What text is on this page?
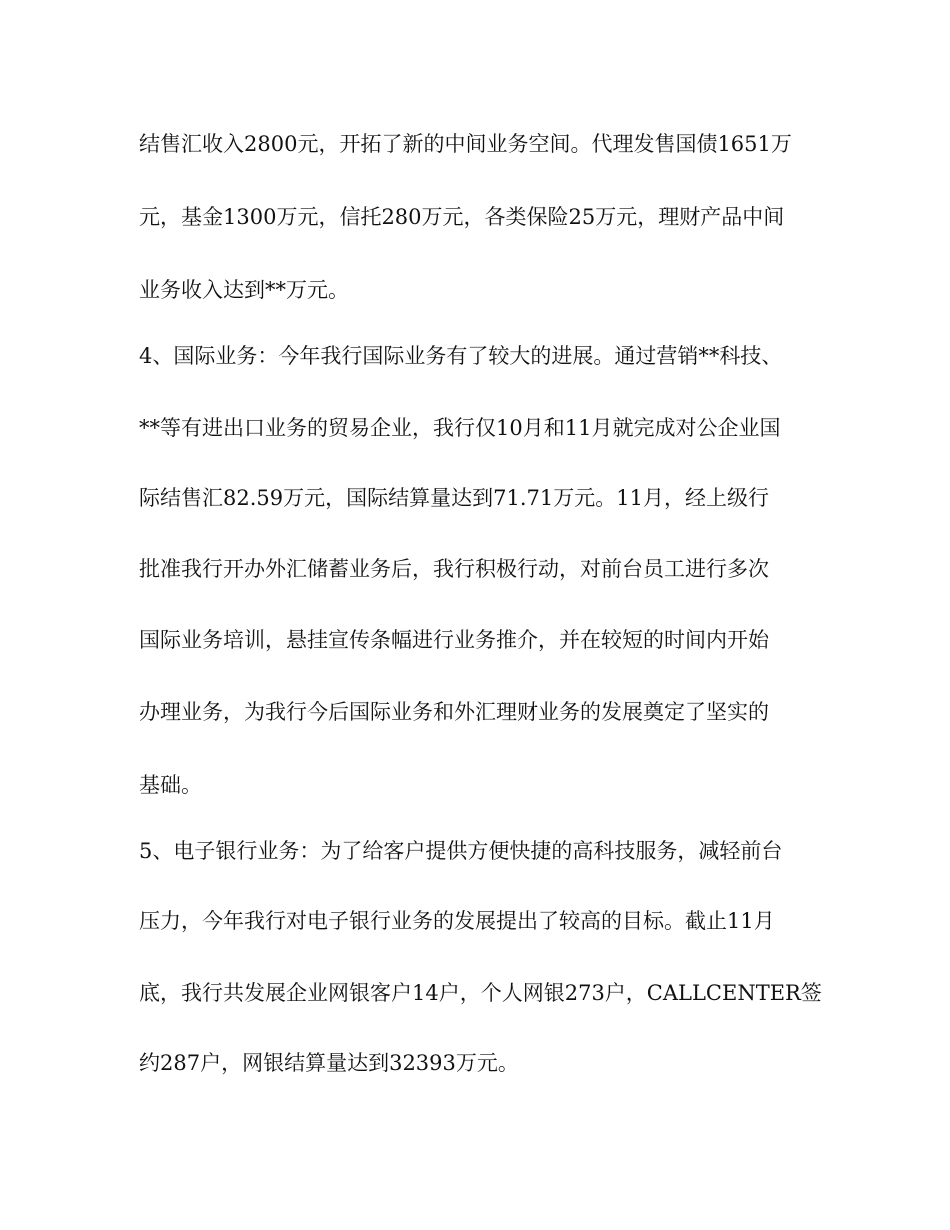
结售汇收入2800元，开拓了新的中间业务空间。代理发售国债1651万
元，基金1300万元，信托280万元，各类保险25万元，理财产品中间
业务收入达到**万元。
4、国际业务：今年我行国际业务有了较大的进展。通过营销**科技、
**等有进出口业务的贸易企业，我行仅10月和11月就完成对公企业国
际结售汇82.59万元，国际结算量达到71.71万元。11月，经上级行
批准我行开办外汇储蓄业务后，我行积极行动，对前台员工进行多次
国际业务培训，悬挂宣传条幅进行业务推介，并在较短的时间内开始
办理业务，为我行今后国际业务和外汇理财业务的发展奠定了坚实的
基础。
5、电子银行业务：为了给客户提供方便快捷的高科技服务，减轻前台
压力，今年我行对电子银行业务的发展提出了较高的目标。截止11月
底，我行共发展企业网银客户14户，个人网银273户，CALLCENTER签
约287户，网银结算量达到32393万元。
